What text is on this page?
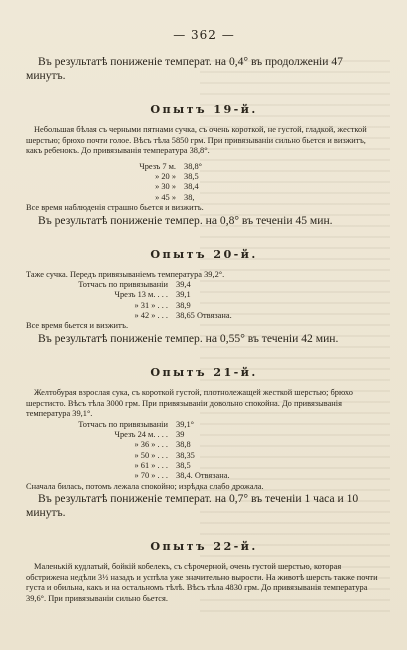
— 362 —

Въ результатѣ пониженіе температ. на 0,4° въ продолженіи 47 минутъ.

Опытъ 19-й.

Небольшая бѣлая съ черными пятнами сучка, съ очень короткой, не густой, гладкой, жесткой шерстью; брюхо почти голое. Вѣсъ тѣла 5850 грм. При привязываніи сильно бьется и визжитъ, какъ ребенокъ. До привязыванія температура 38,8°.

Чрезъ 7 м. 38,8°
» 20 » 38,5
» 30 » 38,4
» 45 » 38,

Все время наблюденія страшно бьется и визжитъ.

Въ результатѣ пониженіе темпер. на 0,8° въ теченіи 45 мин.

Опытъ 20-й.

Таже сучка. Передъ привязываніемъ температура 39,2°.

Тотчасъ по привязываніи 39,4
Чрезъ 13 м. . . . 39,1
» 31 » . . . 38,9
» 42 » . . . 38,65 Отвязана.

Все время бьется и визжитъ.

Въ результатѣ пониженіе темпер. на 0,55° въ теченіи 42 мин.

Опытъ 21-й.

Желтобурая взрослая сука, съ короткой густой, плотнолежащей жесткой шерстью; брюхо шерстисто. Вѣсъ тѣла 3000 грм. При привязываніи довольно спокойна. До привязыванія температура 39,1°.

Тотчасъ по привязываніи 39,1°
Чрезъ 24 м. . . . 39
» 36 » . . . 38,8
» 50 » . . . 38,35
» 61 » . . . 38,5
» 70 » . . . 38,4. Отвязана.

Сначала билась, потомъ лежала спокойно; изрѣдка слабо дрожала.

Въ результатѣ пониженіе температ. на 0,7° въ теченіи 1 часа и 10 минутъ.

Опытъ 22-й.

Маленькій кудлатый, бойкій кобелекъ, съ сѣрочерной, очень густой шерстью, которая обстрижена недѣли 3½ назадъ и успѣла уже значительно вырости. На животѣ шерсть также почти густа и обильна, какъ и на остальномъ тѣлѣ. Вѣсъ тѣла 4830 грм. До привязыванія температура 39,6°. При привязываніи сильно бьется.
